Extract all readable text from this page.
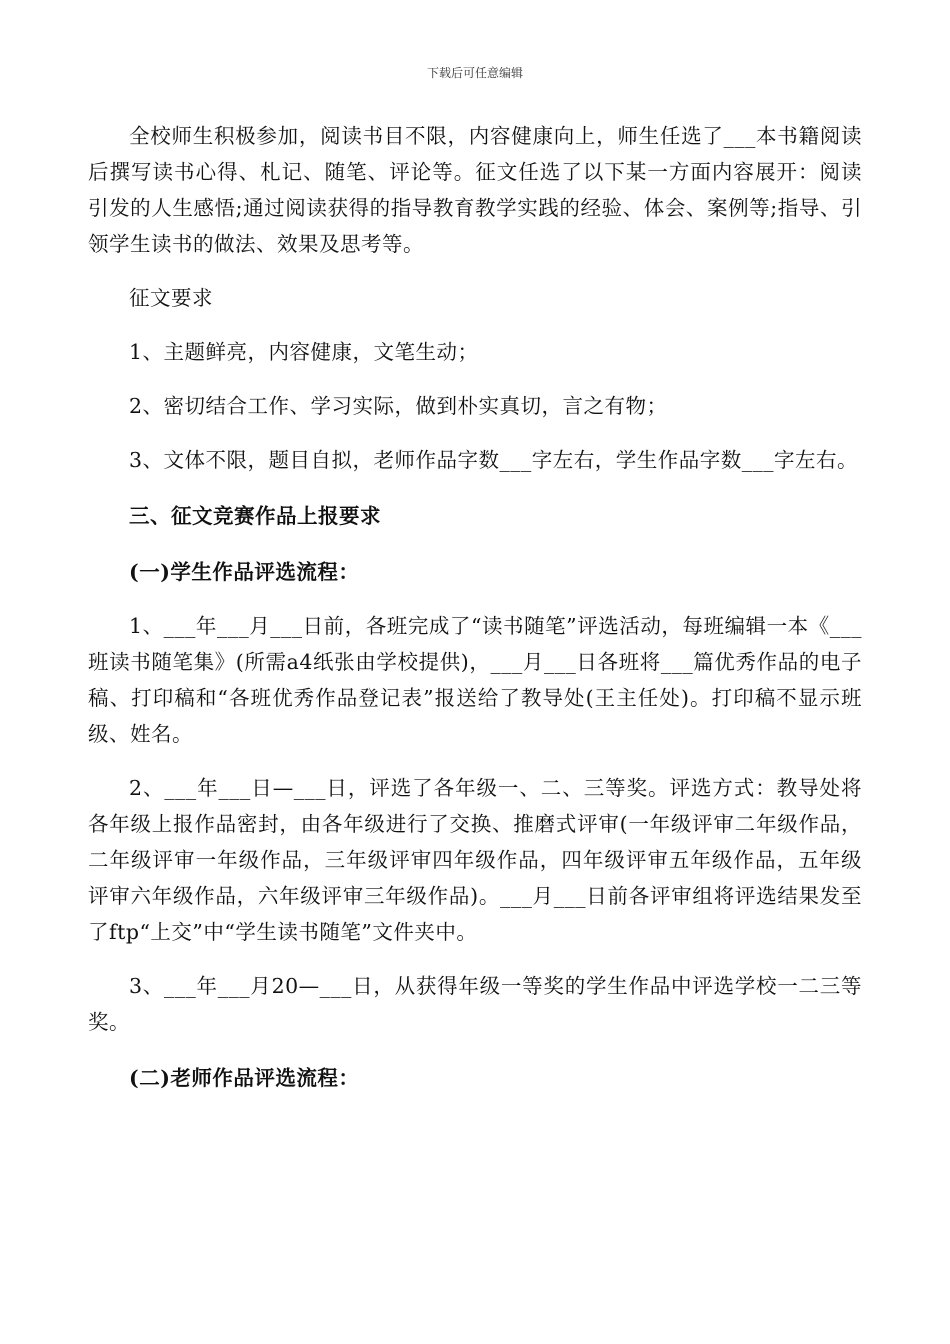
下载后可任意编辑

全校师生积极参加，阅读书目不限，内容健康向上，师生任选了___本书籍阅读后撰写读书心得、札记、随笔、评论等。征文任选了以下某一方面内容展开：阅读引发的人生感悟;通过阅读获得的指导教育教学实践的经验、体会、案例等;指导、引领学生读书的做法、效果及思考等。

征文要求

1、主题鲜亮，内容健康，文笔生动；

2、密切结合工作、学习实际，做到朴实真切，言之有物；

3、文体不限，题目自拟，老师作品字数___字左右，学生作品字数___字左右。

三、征文竞赛作品上报要求

(一)学生作品评选流程：

1、___年___月___日前，各班完成了“读书随笔”评选活动，每班编辑一本《___班读书随笔集》(所需a4纸张由学校提供)，___月___日各班将___篇优秀作品的电子稿、打印稿和“各班优秀作品登记表”报送给了教导处(王主任处)。打印稿不显示班级、姓名。

2、___年___日—___日，评选了各年级一、二、三等奖。评选方式：教导处将各年级上报作品密封，由各年级进行了交换、推磨式评审(一年级评审二年级作品，二年级评审一年级作品，三年级评审四年级作品，四年级评审五年级作品，五年级评审六年级作品，六年级评审三年级作品)。___月___日前各评审组将评选结果发至了ftp“上交”中“学生读书随笔”文件夹中。

3、___年___月20—___日，从获得年级一等奖的学生作品中评选学校一二三等奖。

(二)老师作品评选流程：
